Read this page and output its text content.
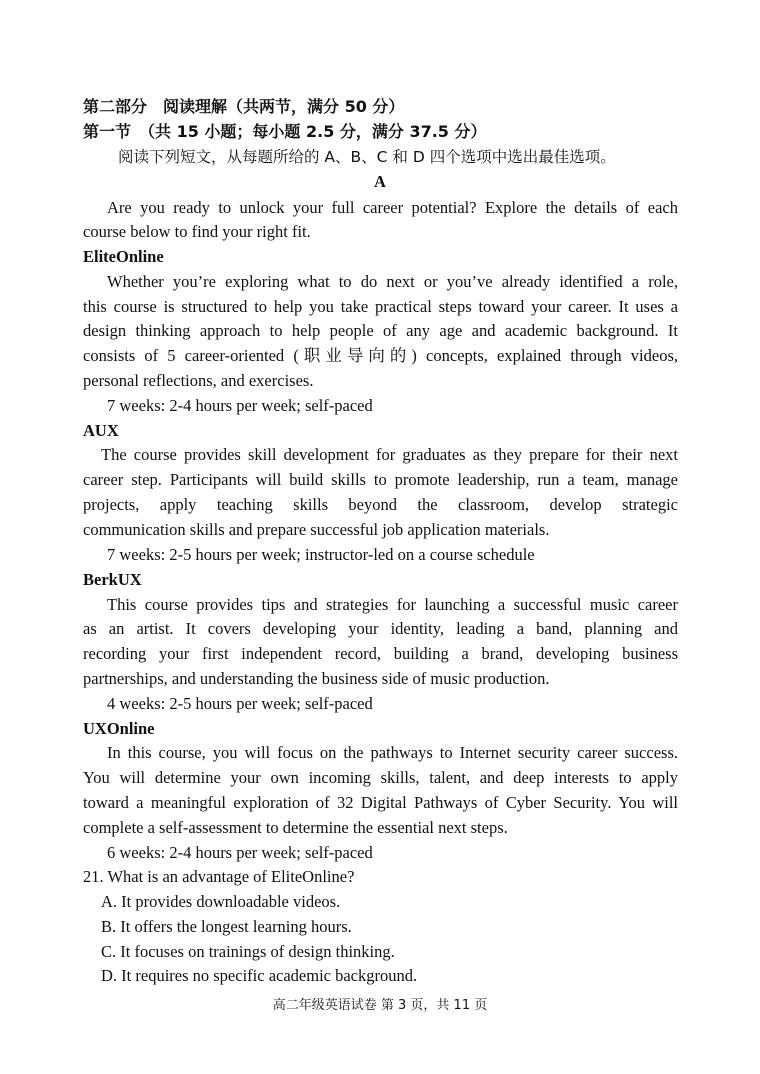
第二部分　阅读理解（共两节，满分 50 分）
第一节　（共 15 小题；每小题 2.5 分，满分 37.5 分）
阅读下列短文，从每题所给的 A、B、C 和 D 四个选项中选出最佳选项。
A
Are you ready to unlock your full career potential? Explore the details of each
course below to find your right fit.
EliteOnline
Whether you’re exploring what to do next or you’ve already identified a role,
this course is structured to help you take practical steps toward your career. It uses a
design thinking approach to help people of any age and academic background. It
consists of 5 career-oriented (职业导向的) concepts, explained through videos,
personal reflections, and exercises.
7 weeks: 2-4 hours per week; self-paced
AUX
The course provides skill development for graduates as they prepare for their next
career step. Participants will build skills to promote leadership, run a team, manage
projects, apply teaching skills beyond the classroom, develop strategic
communication skills and prepare successful job application materials.
7 weeks: 2-5 hours per week; instructor-led on a course schedule
BerkUX
This course provides tips and strategies for launching a successful music career
as an artist. It covers developing your identity, leading a band, planning and
recording your first independent record, building a brand, developing business
partnerships, and understanding the business side of music production.
4 weeks: 2-5 hours per week; self-paced
UXOnline
In this course, you will focus on the pathways to Internet security career success.
You will determine your own incoming skills, talent, and deep interests to apply
toward a meaningful exploration of 32 Digital Pathways of Cyber Security. You will
complete a self-assessment to determine the essential next steps.
6 weeks: 2-4 hours per week; self-paced
21. What is an advantage of EliteOnline?
A. It provides downloadable videos.
B. It offers the longest learning hours.
C. It focuses on trainings of design thinking.
D. It requires no specific academic background.
高二年级英语试卷 第 3 页，共 11 页
